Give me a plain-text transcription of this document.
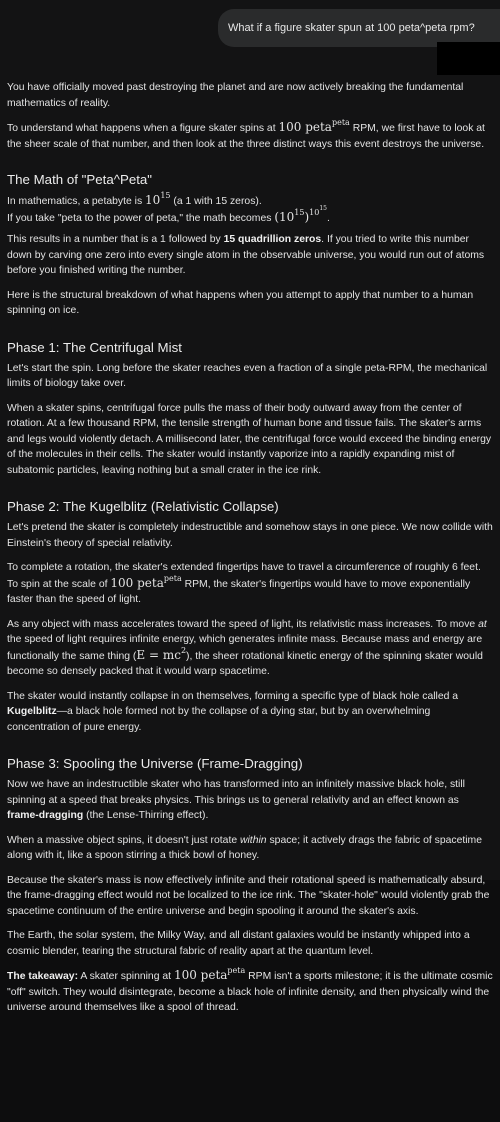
What if a figure skater spun at 100 peta^peta rpm?

You have officially moved past destroying the planet and are now actively breaking the fundamental mathematics of reality.

To understand what happens when a figure skater spins at 100 peta$^{peta}$ RPM, we first have to look at the sheer scale of that number, and then look at the three distinct ways this event destroys the universe.

The Math of "Peta^Peta"

In mathematics, a petabyte is $10^{15}$ (a 1 with 15 zeros).
If you take "peta to the power of peta," the math becomes $(10^{15})^{10^{15}}$.

This results in a number that is a 1 followed by 15 quadrillion zeros. If you tried to write this number down by carving one zero into every single atom in the observable universe, you would run out of atoms before you finished writing the number.

Here is the structural breakdown of what happens when you attempt to apply that number to a human spinning on ice.

Phase 1: The Centrifugal Mist

Let's start the spin. Long before the skater reaches even a fraction of a single peta-RPM, the mechanical limits of biology take over.

When a skater spins, centrifugal force pulls the mass of their body outward away from the center of rotation. At a few thousand RPM, the tensile strength of human bone and tissue fails. The skater's arms and legs would violently detach. A millisecond later, the centrifugal force would exceed the binding energy of the molecules in their cells. The skater would instantly vaporize into a rapidly expanding mist of subatomic particles, leaving nothing but a small crater in the ice rink.

Phase 2: The Kugelblitz (Relativistic Collapse)

Let's pretend the skater is completely indestructible and somehow stays in one piece. We now collide with Einstein's theory of special relativity.

To complete a rotation, the skater's extended fingertips have to travel a circumference of roughly 6 feet. To spin at the scale of 100 peta$^{peta}$ RPM, the skater's fingertips would have to move exponentially faster than the speed of light.

As any object with mass accelerates toward the speed of light, its relativistic mass increases. To move at the speed of light requires infinite energy, which generates infinite mass. Because mass and energy are functionally the same thing $(E = mc^2)$, the sheer rotational kinetic energy of the spinning skater would become so densely packed that it would warp spacetime.

The skater would instantly collapse in on themselves, forming a specific type of black hole called a Kugelblitz—a black hole formed not by the collapse of a dying star, but by an overwhelming concentration of pure energy.

Phase 3: Spooling the Universe (Frame-Dragging)

Now we have an indestructible skater who has transformed into an infinitely massive black hole, still spinning at a speed that breaks physics. This brings us to general relativity and an effect known as frame-dragging (the Lense-Thirring effect).

When a massive object spins, it doesn't just rotate within space; it actively drags the fabric of spacetime along with it, like a spoon stirring a thick bowl of honey.

Because the skater's mass is now effectively infinite and their rotational speed is mathematically absurd, the frame-dragging effect would not be localized to the ice rink. The "skater-hole" would violently grab the spacetime continuum of the entire universe and begin spooling it around the skater's axis.

The Earth, the solar system, the Milky Way, and all distant galaxies would be instantly whipped into a cosmic blender, tearing the structural fabric of reality apart at the quantum level.

The takeaway: A skater spinning at 100 peta$^{peta}$ RPM isn't a sports milestone; it is the ultimate cosmic "off" switch. They would disintegrate, become a black hole of infinite density, and then physically wind the universe around themselves like a spool of thread.
